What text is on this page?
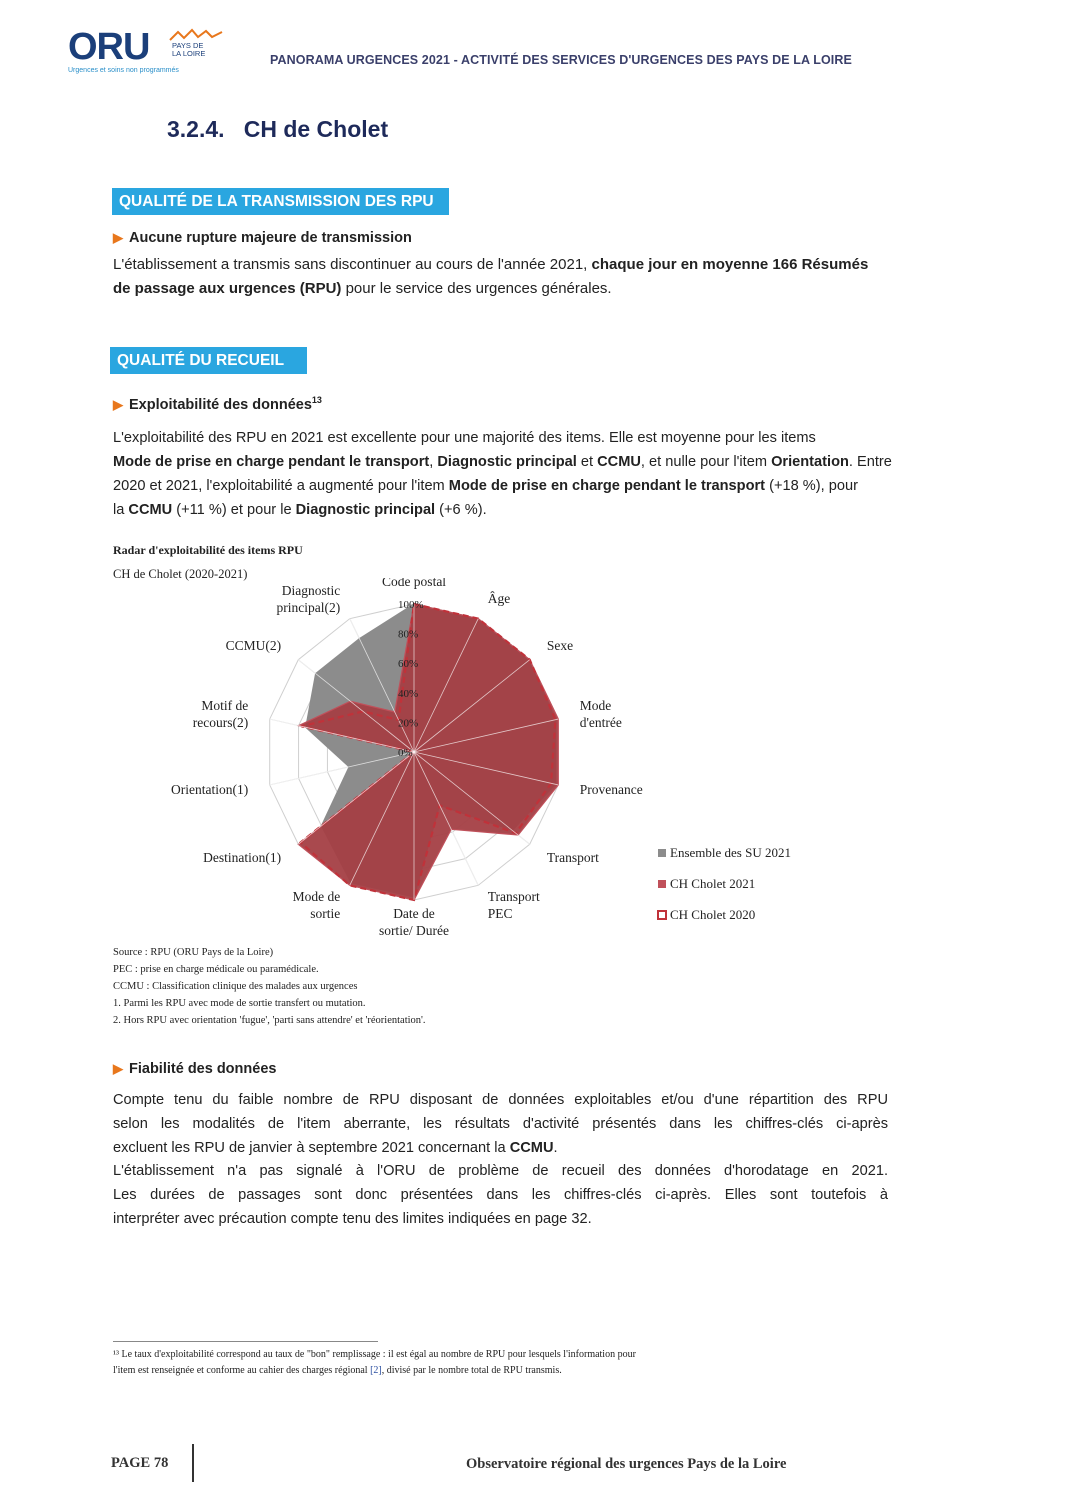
ORU	PAYS DE LA LOIRE
Urgences et soins non programmés
PANORAMA URGENCES 2021 - ACTIVITÉ DES SERVICES D'URGENCES DES PAYS DE LA LOIRE
3.2.4.   CH de Cholet
QUALITÉ DE LA TRANSMISSION DES RPU
▶ Aucune rupture majeure de transmission
L'établissement a transmis sans discontinuer au cours de l'année 2021, chaque jour en moyenne 166 Résumés
de passage aux urgences (RPU) pour le service des urgences générales.
QUALITÉ DU RECUEIL
▶ Exploitabilité des données$^{13}$
L'exploitabilité des RPU en 2021 est excellente pour une majorité des items. Elle est moyenne pour les items
Mode de prise en charge pendant le transport, Diagnostic principal et CCMU, et nulle pour l'item Orientation. Entre
2020 et 2021, l'exploitabilité a augmenté pour l'item Mode de prise en charge pendant le transport (+18 %), pour
la CCMU (+11 %) et pour le Diagnostic principal (+6 %).
Radar d'exploitabilité des items RPU
CH de Cholet (2020-2021)
0%
20%
40%
60%
80%
100%
Code postal
Âge
Sexe
Mode d'entrée
Provenance
Transport
Transport PEC
Date de sortie/ Durée
Mode de sortie
Destination(1)
Orientation(1)
Motif de recours(2)
CCMU(2)
Diagnostic principal(2)
Ensemble des SU 2021
CH Cholet 2021
CH Cholet 2020
Source : RPU (ORU Pays de la Loire)
PEC : prise en charge médicale ou paramédicale.
CCMU : Classification clinique des malades aux urgences
1. Parmi les RPU avec mode de sortie transfert ou mutation.
2. Hors RPU avec orientation 'fugue', 'parti sans attendre' et 'réorientation'.
▶ Fiabilité des données
Compte tenu du faible nombre de RPU disposant de données exploitables et/ou d'une répartition des RPU
selon les modalités de l'item aberrante, les résultats d'activité présentés dans les chiffres-clés ci-après
excluent les RPU de janvier à septembre 2021 concernant la CCMU.
L'établissement n'a pas signalé à l'ORU de problème de recueil des données d'horodatage en 2021.
Les durées de passages sont donc présentées dans les chiffres-clés ci-après. Elles sont toutefois à
interpréter avec précaution compte tenu des limites indiquées en page 32.
¹³ Le taux d'exploitabilité correspond au taux de "bon" remplissage : il est égal au nombre de RPU pour lesquels l'information pour
l'item est renseignée et conforme au cahier des charges régional [2], divisé par le nombre total de RPU transmis.
PAGE 78	Observatoire régional des urgences Pays de la Loire
